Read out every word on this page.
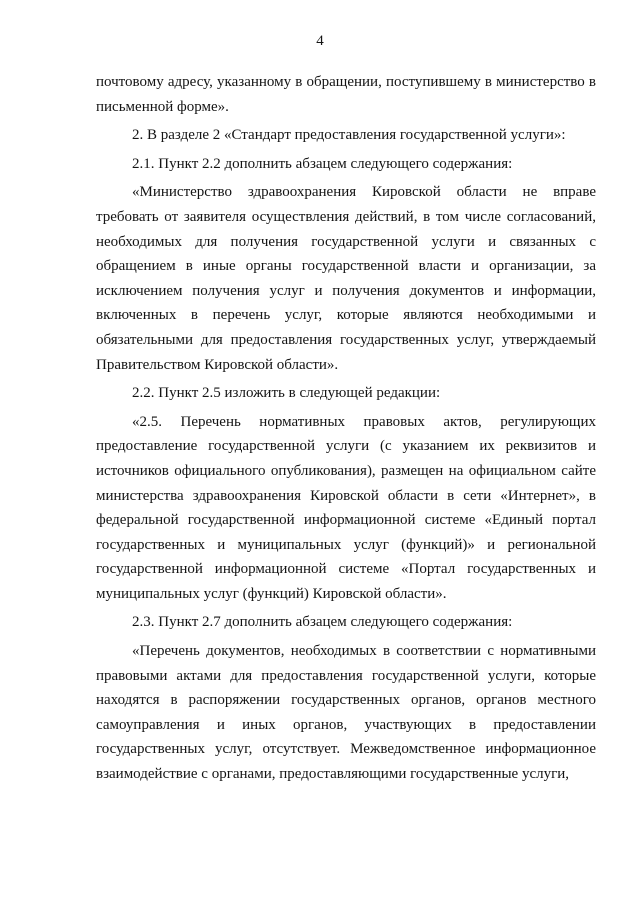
4

почтовому адресу, указанному в обращении, поступившему в министерство в письменной форме».

2. В разделе 2 «Стандарт предоставления государственной услуги»:

2.1. Пункт 2.2 дополнить абзацем следующего содержания:

«Министерство здравоохранения Кировской области не вправе требовать от заявителя осуществления действий, в том числе согласований, необходимых для получения государственной услуги и связанных с обращением в иные органы государственной власти и организации, за исключением получения услуг и получения документов и информации, включенных в перечень услуг, которые являются необходимыми и обязательными для предоставления государственных услуг, утверждаемый Правительством Кировской области».

2.2. Пункт 2.5 изложить в следующей редакции:

«2.5. Перечень нормативных правовых актов, регулирующих предоставление государственной услуги (с указанием их реквизитов и источников официального опубликования), размещен на официальном сайте министерства здравоохранения Кировской области в сети «Интернет», в федеральной государственной информационной системе «Единый портал государственных и муниципальных услуг (функций)» и региональной государственной информационной системе «Портал государственных и муниципальных услуг (функций) Кировской области».

2.3. Пункт 2.7 дополнить абзацем следующего содержания:

«Перечень документов, необходимых в соответствии с нормативными правовыми актами для предоставления государственной услуги, которые находятся в распоряжении государственных органов, органов местного самоуправления и иных органов, участвующих в предоставлении государственных услуг, отсутствует. Межведомственное информационное взаимодействие с органами, предоставляющими государственные услуги,
